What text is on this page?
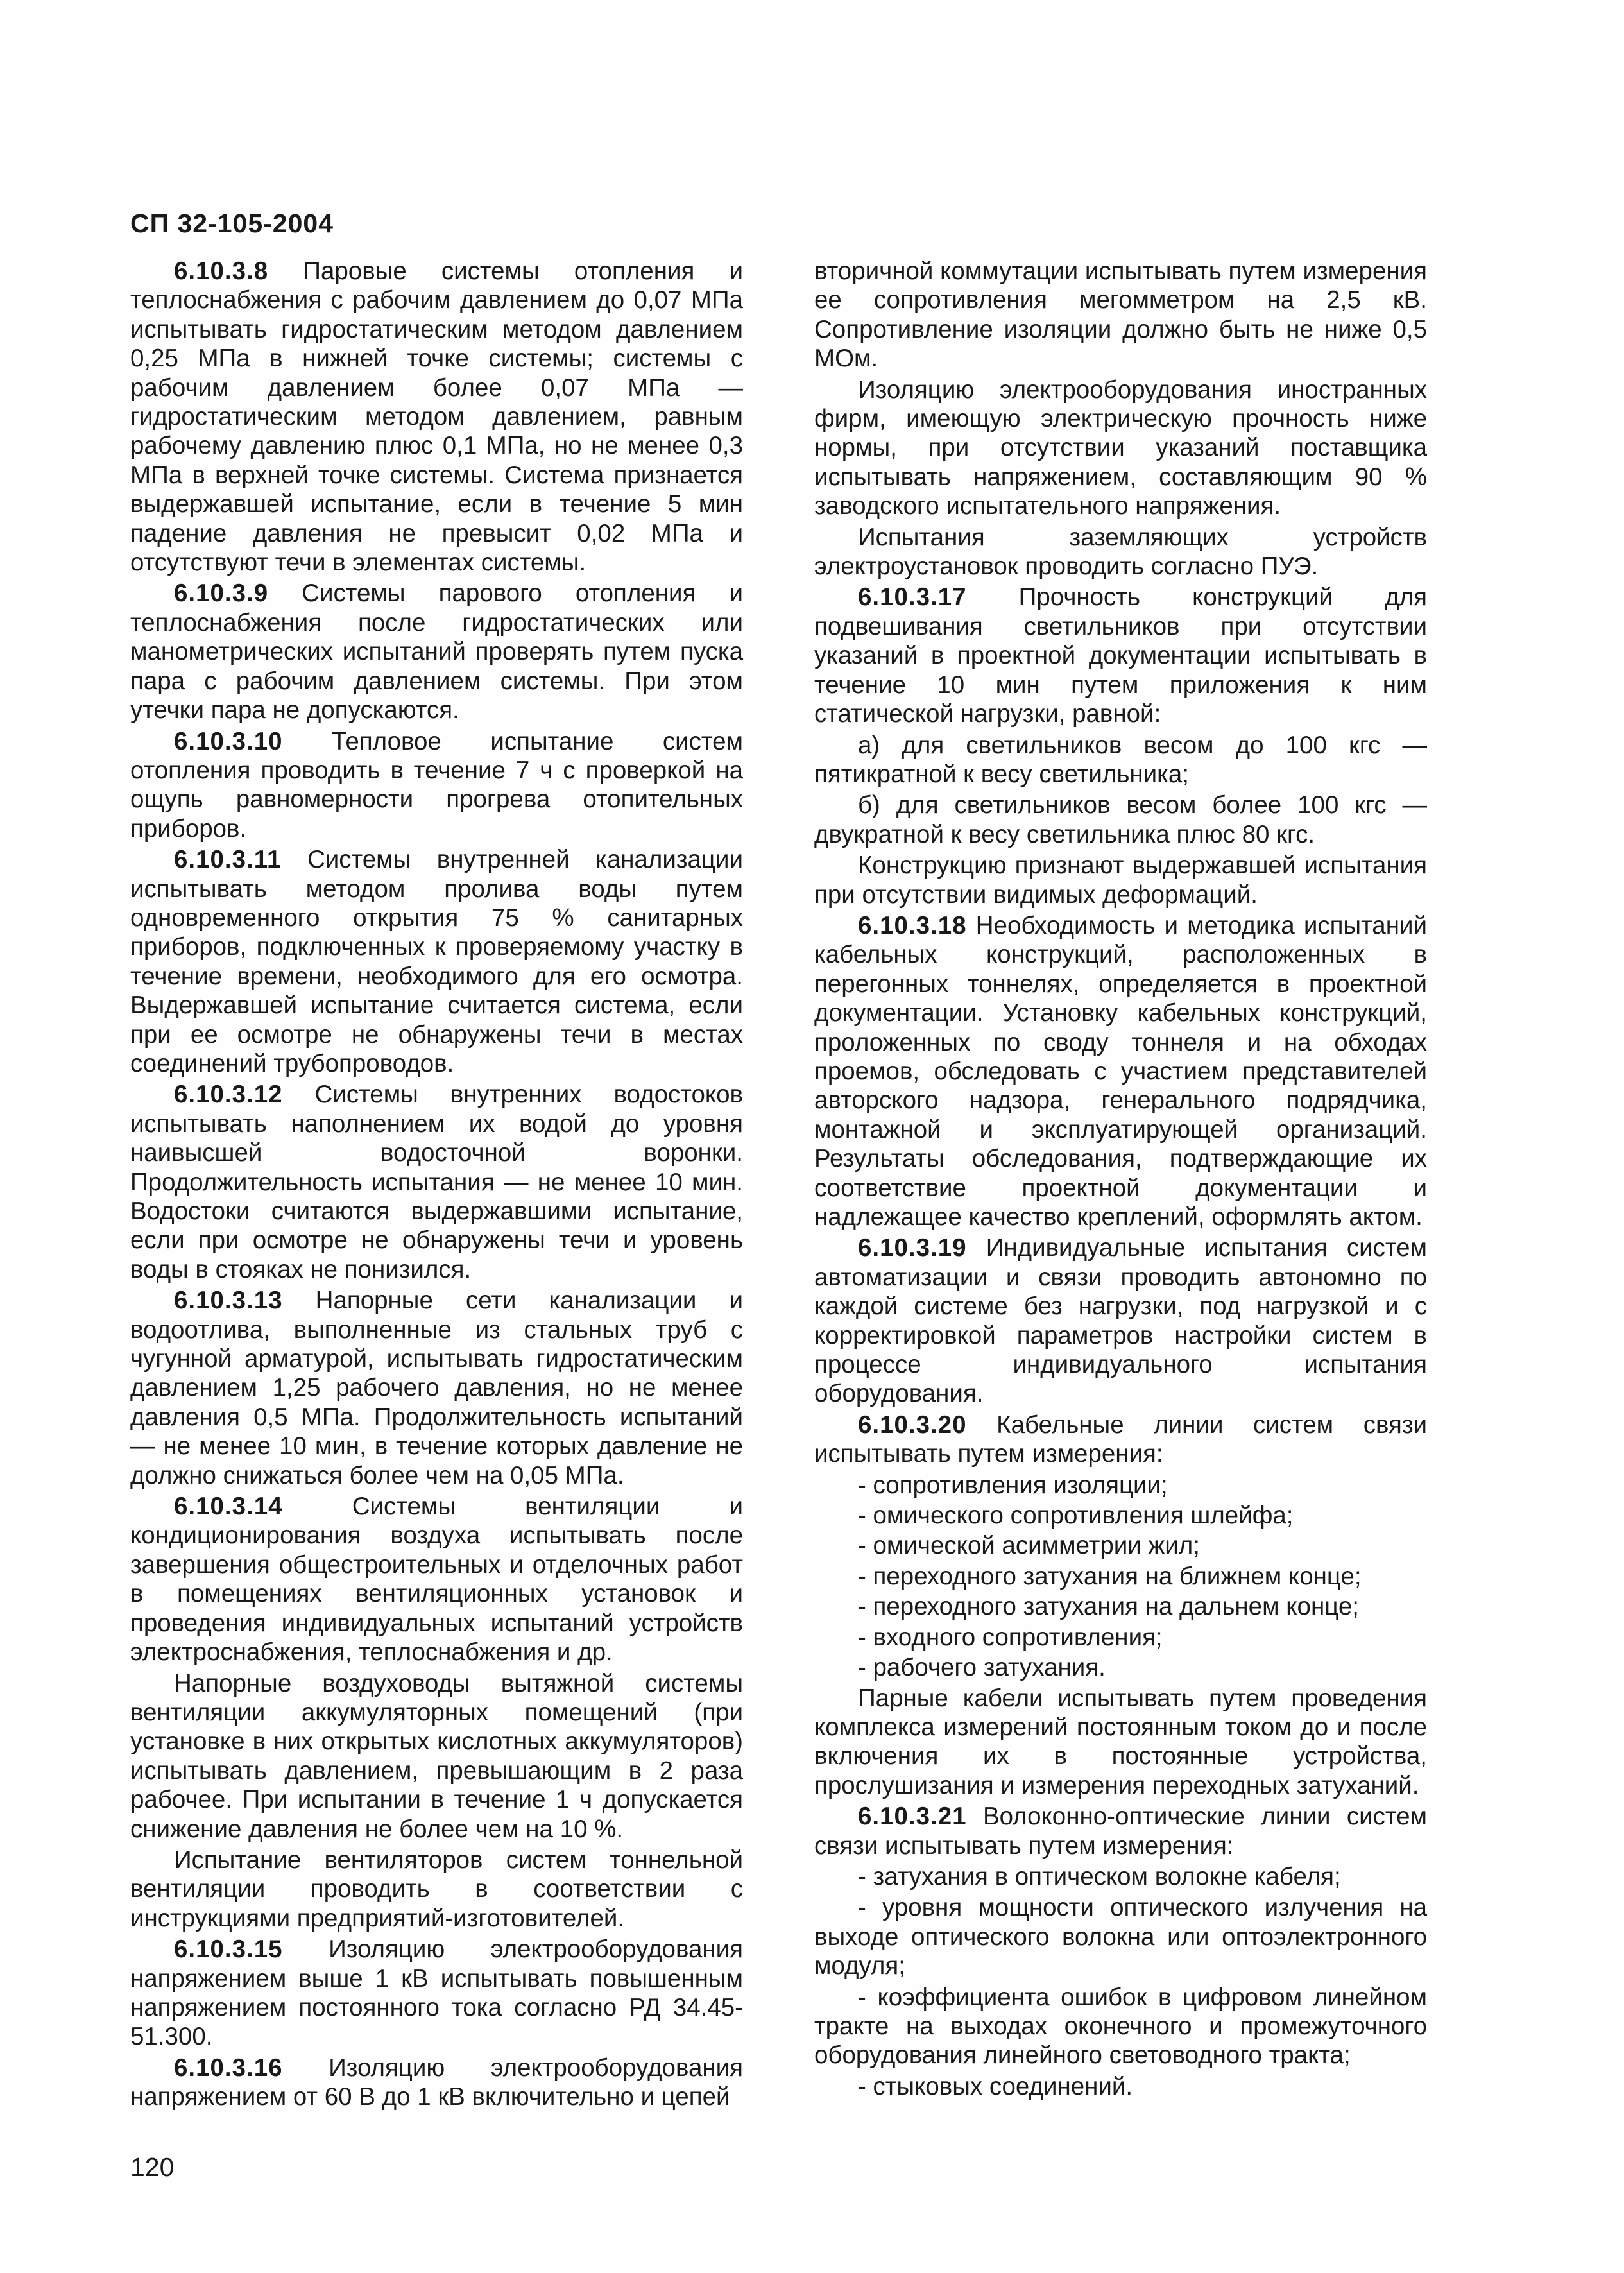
СП 32-105-2004

6.10.3.8 Паровые системы отопления и теплоснабжения с рабочим давлением до 0,07 МПа испытывать гидростатическим методом давлением 0,25 МПа в нижней точке системы; системы с рабочим давлением более 0,07 МПа — гидростатическим методом давлением, равным рабочему давлению плюс 0,1 МПа, но не менее 0,3 МПа в верхней точке системы. Система признается выдержавшей испытание, если в течение 5 мин падение давления не превысит 0,02 МПа и отсутствуют течи в элементах системы.

6.10.3.9 Системы парового отопления и теплоснабжения после гидростатических или манометрических испытаний проверять путем пуска пара с рабочим давлением системы. При этом утечки пара не допускаются.

6.10.3.10 Тепловое испытание систем отопления проводить в течение 7 ч с проверкой на ощупь равномерности прогрева отопительных приборов.

6.10.3.11 Системы внутренней канализации испытывать методом пролива воды путем одновременного открытия 75 % санитарных приборов, подключенных к проверяемому участку в течение времени, необходимого для его осмотра. Выдержавшей испытание считается система, если при ее осмотре не обнаружены течи в местах соединений трубопроводов.

6.10.3.12 Системы внутренних водостоков испытывать наполнением их водой до уровня наивысшей водосточной воронки. Продолжительность испытания — не менее 10 мин. Водостоки считаются выдержавшими испытание, если при осмотре не обнаружены течи и уровень воды в стояках не понизился.

6.10.3.13 Напорные сети канализации и водоотлива, выполненные из стальных труб с чугунной арматурой, испытывать гидростатическим давлением 1,25 рабочего давления, но не менее давления 0,5 МПа. Продолжительность испытаний — не менее 10 мин, в течение которых давление не должно снижаться более чем на 0,05 МПа.

6.10.3.14 Системы вентиляции и кондиционирования воздуха испытывать после завершения общестроительных и отделочных работ в помещениях вентиляционных установок и проведения индивидуальных испытаний устройств электроснабжения, теплоснабжения и др.

Напорные воздуховоды вытяжной системы вентиляции аккумуляторных помещений (при установке в них открытых кислотных аккумуляторов) испытывать давлением, превышающим в 2 раза рабочее. При испытании в течение 1 ч допускается снижение давления не более чем на 10 %.

Испытание вентиляторов систем тоннельной вентиляции проводить в соответствии с инструкциями предприятий-изготовителей.

6.10.3.15 Изоляцию электрооборудования напряжением выше 1 кВ испытывать повышенным напряжением постоянного тока согласно РД 34.45-51.300.

6.10.3.16 Изоляцию электрооборудования напряжением от 60 В до 1 кВ включительно и цепей

вторичной коммутации испытывать путем измерения ее сопротивления мегомметром на 2,5 кВ. Сопротивление изоляции должно быть не ниже 0,5 МОм.

Изоляцию электрооборудования иностранных фирм, имеющую электрическую прочность ниже нормы, при отсутствии указаний поставщика испытывать напряжением, составляющим 90 % заводского испытательного напряжения.

Испытания заземляющих устройств электроустановок проводить согласно ПУЭ.

6.10.3.17 Прочность конструкций для подвешивания светильников при отсутствии указаний в проектной документации испытывать в течение 10 мин путем приложения к ним статической нагрузки, равной:

а) для светильников весом до 100 кгс — пятикратной к весу светильника;

б) для светильников весом более 100 кгс — двукратной к весу светильника плюс 80 кгс.

Конструкцию признают выдержавшей испытания при отсутствии видимых деформаций.

6.10.3.18 Необходимость и методика испытаний кабельных конструкций, расположенных в перегонных тоннелях, определяется в проектной документации. Установку кабельных конструкций, проложенных по своду тоннеля и на обходах проемов, обследовать с участием представителей авторского надзора, генерального подрядчика, монтажной и эксплуатирующей организаций. Результаты обследования, подтверждающие их соответствие проектной документации и надлежащее качество креплений, оформлять актом.

6.10.3.19 Индивидуальные испытания систем автоматизации и связи проводить автономно по каждой системе без нагрузки, под нагрузкой и с корректировкой параметров настройки систем в процессе индивидуального испытания оборудования.

6.10.3.20 Кабельные линии систем связи испытывать путем измерения:

- сопротивления изоляции;

- омического сопротивления шлейфа;

- омической асимметрии жил;

- переходного затухания на ближнем конце;

- переходного затухания на дальнем конце;

- входного сопротивления;

- рабочего затухания.

Парные кабели испытывать путем проведения комплекса измерений постоянным током до и после включения их в постоянные устройства, прослушизания и измерения переходных затуханий.

6.10.3.21 Волоконно-оптические линии систем связи испытывать путем измерения:

- затухания в оптическом волокне кабеля;

- уровня мощности оптического излучения на выходе оптического волокна или оптоэлектронного модуля;

- коэффициента ошибок в цифровом линейном тракте на выходах оконечного и промежуточного оборудования линейного световодного тракта;

- стыковых соединений.

120
